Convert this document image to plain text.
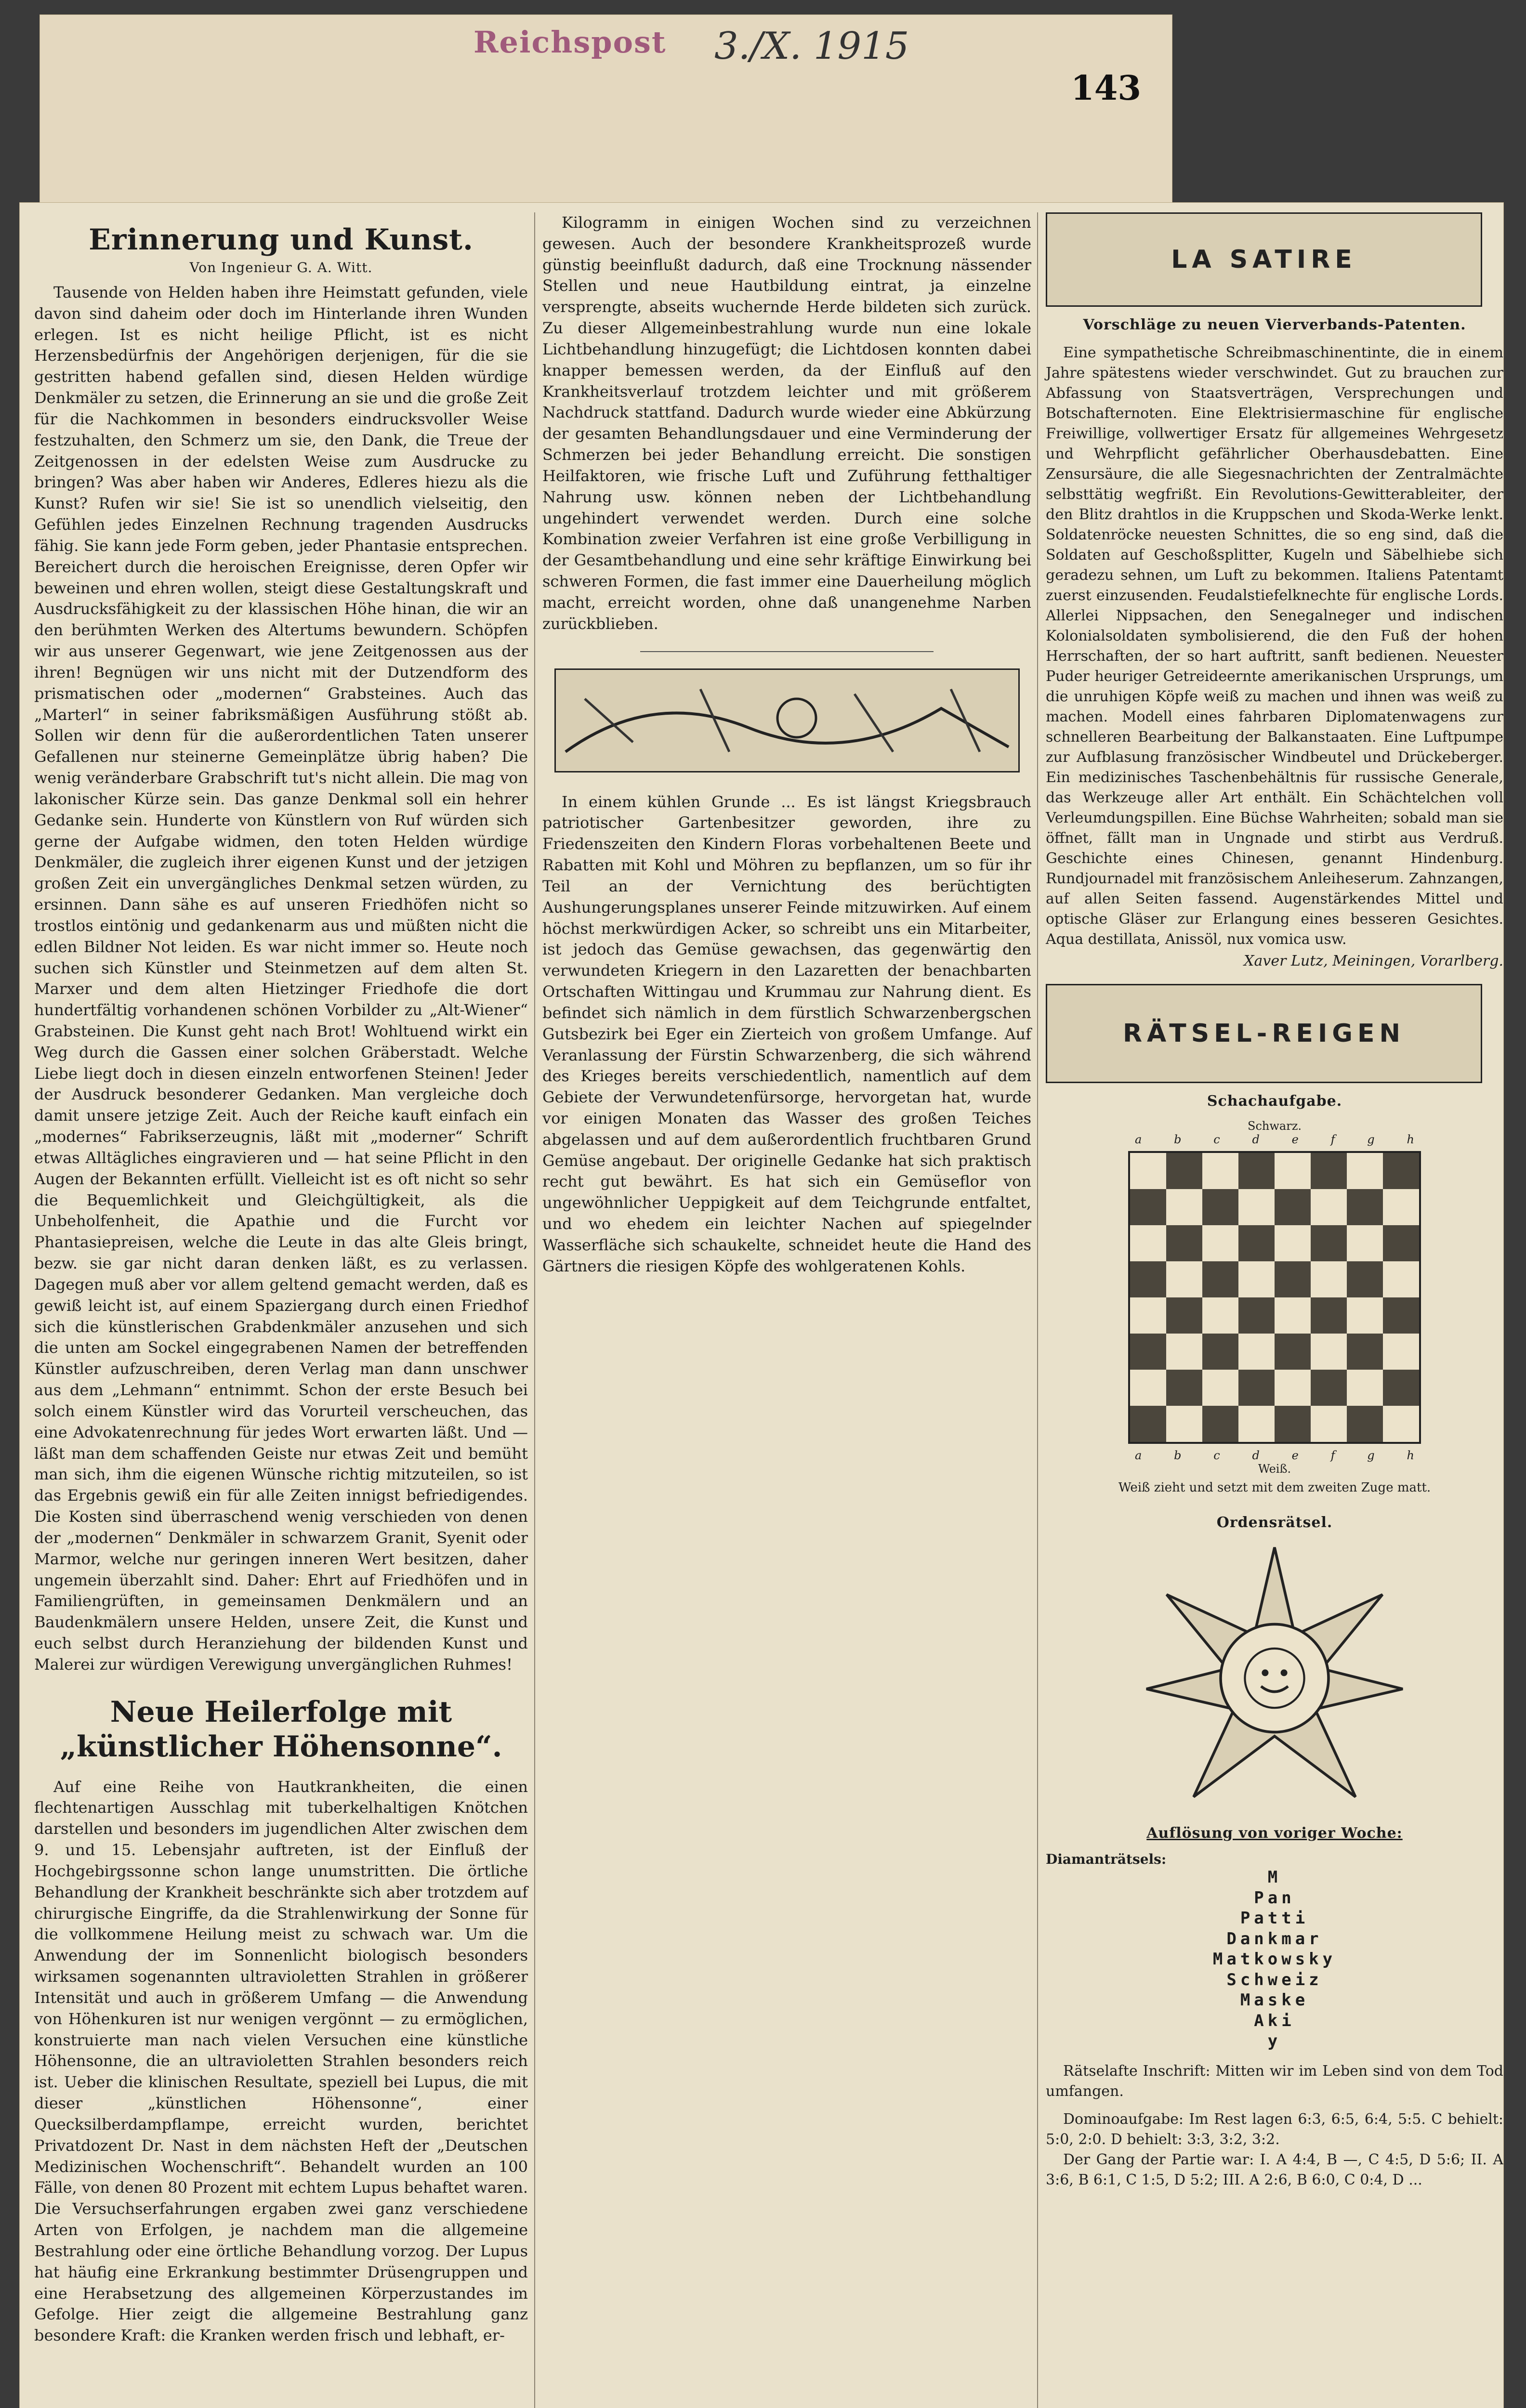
Reichspost 3./X. 1915
143
Erinnerung und Kunst.
Von Ingenieur G. A. Witt.

Tausende von Helden haben ihre Heimstatt gefunden, viele davon sind daheim oder doch im Hinterlande ihren Wunden erlegen. Ist es nicht heilige Pflicht, ist es nicht Herzensbedürfnis der Angehörigen derjenigen, für die sie gestritten habend gefallen sind, diesen Helden würdige Denkmäler zu setzen, die Erinnerung an sie und die große Zeit für die Nachkommen in besonders eindrucksvoller Weise festzuhalten, den Schmerz um sie, den Dank, die Treue der Zeitgenossen in der edelsten Weise zum Ausdrucke zu bringen? Was aber haben wir Anderes, Edleres hiezu als die Kunst? Rufen wir sie! Sie ist so unendlich vielseitig, den Gefühlen jedes Einzelnen Rechnung tragenden Ausdrucks fähig. Sie kann jede Form geben, jeder Phantasie entsprechen. Bereichert durch die heroischen Ereignisse, deren Opfer wir beweinen und ehren wollen, steigt diese Gestaltungskraft und Ausdrucksfähigkeit zu der klassischen Höhe hinan, die wir an den berühmten Werken des Altertums bewundern. Schöpfen wir aus unserer Gegenwart, wie jene Zeitgenossen aus der ihren! Begnügen wir uns nicht mit der Dutzendform des prismatischen oder „modernen“ Grabsteines. Auch das „Marterl“ in seiner fabriksmäßigen Ausführung stößt ab. Sollen wir denn für die außerordentlichen Taten unserer Gefallenen nur steinerne Gemeinplätze übrig haben? Die wenig veränderbare Grabschrift tut's nicht allein. Die mag von lakonischer Kürze sein. Das ganze Denkmal soll ein hehrer Gedanke sein. Hunderte von Künstlern von Ruf würden sich gerne der Aufgabe widmen, den toten Helden würdige Denkmäler, die zugleich ihrer eigenen Kunst und der jetzigen großen Zeit ein unvergängliches Denkmal setzen würden, zu ersinnen. Dann sähe es auf unseren Friedhöfen nicht so trostlos eintönig und gedankenarm aus und müßten nicht die edlen Bildner Not leiden. Es war nicht immer so. Heute noch suchen sich Künstler und Steinmetzen auf dem alten St. Marxer und dem alten Hietzinger Friedhofe die dort hundertfältig vorhandenen schönen Vorbilder zu „Alt-Wiener“ Grabsteinen. Die Kunst geht nach Brot! Wohltuend wirkt ein Weg durch die Gassen einer solchen Gräberstadt. Welche Liebe liegt doch in diesen einzeln entworfenen Steinen! Jeder der Ausdruck besonderer Gedanken. Man vergleiche doch damit unsere jetzige Zeit. Auch der Reiche kauft einfach ein „modernes“ Fabrikserzeugnis, läßt mit „moderner“ Schrift etwas Alltägliches eingravieren und — hat seine Pflicht in den Augen der Bekannten erfüllt. Vielleicht ist es oft nicht so sehr die Bequemlichkeit und Gleichgültigkeit, als die Unbeholfenheit, die Apathie und die Furcht vor Phantasiepreisen, welche die Leute in das alte Gleis bringt, bezw. sie gar nicht daran denken läßt, es zu verlassen. Dagegen muß aber vor allem geltend gemacht werden, daß es gewiß leicht ist, auf einem Spaziergang durch einen Friedhof sich die künstlerischen Grabdenkmäler anzusehen und sich die unten am Sockel eingegrabenen Namen der betreffenden Künstler aufzuschreiben, deren Verlag man dann unschwer aus dem „Lehmann“ entnimmt. Schon der erste Besuch bei solch einem Künstler wird das Vorurteil verscheuchen, das eine Advokatenrechnung für jedes Wort erwarten läßt. Und — läßt man dem schaffenden Geiste nur etwas Zeit und bemüht man sich, ihm die eigenen Wünsche richtig mitzuteilen, so ist das Ergebnis gewiß ein für alle Zeiten innigst befriedigendes. Die Kosten sind überraschend wenig verschieden von denen der „modernen“ Denkmäler in schwarzem Granit, Syenit oder Marmor, welche nur geringen inneren Wert besitzen, daher ungemein überzahlt sind. Daher: Ehrt auf Friedhöfen und in Familiengrüften, in gemeinsamen Denkmälern und an Baudenkmälern unsere Helden, unsere Zeit, die Kunst und euch selbst durch Heranziehung der bildenden Kunst und Malerei zur würdigen Verewigung unvergänglichen Ruhmes!

Neue Heilerfolge mit „künstlicher Höhensonne“.

Auf eine Reihe von Hautkrankheiten, die einen flechtenartigen Ausschlag mit tuberkelhaltigen Knötchen darstellen und besonders im jugendlichen Alter zwischen dem 9. und 15. Lebensjahr auftreten, ist der Einfluß der Hochgebirgssonne schon lange unumstritten. Die örtliche Behandlung der Krankheit beschränkte sich aber trotzdem auf chirurgische Eingriffe, da die Strahlenwirkung der Sonne für die vollkommene Heilung meist zu schwach war. Um die Anwendung der im Sonnenlicht biologisch besonders wirksamen sogenannten ultravioletten Strahlen in größerer Intensität und auch in größerem Umfang — die Anwendung von Höhenkuren ist nur wenigen vergönnt — zu ermöglichen, konstruierte man nach vielen Versuchen eine künstliche Höhensonne, die an ultravioletten Strahlen besonders reich ist. Ueber die klinischen Resultate, speziell bei Lupus, die mit dieser „künstlichen Höhensonne“, einer Quecksilberdampflampe, erreicht wurden, berichtet Privatdozent Dr. Nast in dem nächsten Heft der „Deutschen Medizinischen Wochenschrift“. Behandelt wurden an 100 Fälle, von denen 80 Prozent mit echtem Lupus behaftet waren. Die Versuchserfahrungen ergaben zwei ganz verschiedene Arten von Erfolgen, je nachdem man die allgemeine Bestrahlung oder eine örtliche Behandlung vorzog. Der Lupus hat häufig eine Erkrankung bestimmter Drüsengruppen und eine Herabsetzung des allgemeinen Körperzustandes im Gefolge. Hier zeigt die allgemeine Bestrahlung ganz besondere Kraft: die Kranken werden frisch und lebhaft, er-

Kilogramm in einigen Wochen sind zu verzeichnen gewesen. Auch der besondere Krankheitsprozeß wurde günstig beeinflußt dadurch, daß eine Trocknung nässender Stellen und neue Hautbildung eintrat, ja einzelne versprengte, abseits wuchernde Herde bildeten sich zurück. Zu dieser Allgemeinbestrahlung wurde nun eine lokale Lichtbehandlung hinzugefügt; die Lichtdosen konnten dabei knapper bemessen werden, da der Einfluß auf den Krankheitsverlauf trotzdem leichter und mit größerem Nachdruck stattfand. Dadurch wurde wieder eine Abkürzung der gesamten Behandlungsdauer und eine Verminderung der Schmerzen bei jeder Behandlung erreicht. Die sonstigen Heilfaktoren, wie frische Luft und Zuführung fetthaltiger Nahrung usw. können neben der Lichtbehandlung ungehindert verwendet werden. Durch eine solche Kombination zweier Verfahren ist eine große Verbilligung in der Gesamtbehandlung und eine sehr kräftige Einwirkung bei schweren Formen, die fast immer eine Dauerheilung möglich macht, erreicht worden, ohne daß unangenehme Narben zurückblieben.

In einem kühlen Grunde ... Es ist längst Kriegsbrauch patriotischer Gartenbesitzer geworden, ihre zu Friedenszeiten den Kindern Floras vorbehaltenen Beete und Rabatten mit Kohl und Möhren zu bepflanzen, um so für ihr Teil an der Vernichtung des berüchtigten Aushungerungsplanes unserer Feinde mitzuwirken. Auf einem höchst merkwürdigen Acker, so schreibt uns ein Mitarbeiter, ist jedoch das Gemüse gewachsen, das gegenwärtig den verwundeten Kriegern in den Lazaretten der benachbarten Ortschaften Wittingau und Krummau zur Nahrung dient. Es befindet sich nämlich in dem fürstlich Schwarzenbergschen Gutsbezirk bei Eger ein Zierteich von großem Umfange. Auf Veranlassung der Fürstin Schwarzenberg, die sich während des Krieges bereits verschiedentlich, namentlich auf dem Gebiete der Verwundetenfürsorge, hervorgetan hat, wurde vor einigen Monaten das Wasser des großen Teiches abgelassen und auf dem außerordentlich fruchtbaren Grund Gemüse angebaut. Der originelle Gedanke hat sich praktisch recht gut bewährt. Es hat sich ein Gemüseflor von ungewöhnlicher Ueppigkeit auf dem Teichgrunde entfaltet, und wo ehedem ein leichter Nachen auf spiegelnder Wasserfläche sich schaukelte, schneidet heute die Hand des Gärtners die riesigen Köpfe des wohlgeratenen Kohls.

LA SATIRE
Vorschläge zu neuen Vierverbands-Patenten.

Eine sympathetische Schreibmaschinentinte, die in einem Jahre spätestens wieder verschwindet. Gut zu brauchen zur Abfassung von Staatsverträgen, Versprechungen und Botschafternoten. Eine Elektrisiermaschine für englische Freiwillige, vollwertiger Ersatz für allgemeines Wehrgesetz und Wehrpflicht gefährlicher Oberhausdebatten. Eine Zensursäure, die alle Siegesnachrichten der Zentralmächte selbsttätig wegfrißt. Ein Revolutions-Gewitterableiter, der den Blitz drahtlos in die Kruppschen und Skoda-Werke lenkt. Soldatenröcke neuesten Schnittes, die so eng sind, daß die Soldaten auf Geschoßsplitter, Kugeln und Säbelhiebe sich geradezu sehnen, um Luft zu bekommen. Italiens Patentamt zuerst einzusenden. Feudalstiefelknechte für englische Lords. Allerlei Nippsachen, den Senegalneger und indischen Kolonialsoldaten symbolisierend, die den Fuß der hohen Herrschaften, der so hart auftritt, sanft bedienen. Neuester Puder heuriger Getreideernte amerikanischen Ursprungs, um die unruhigen Köpfe weiß zu machen und ihnen was weiß zu machen. Modell eines fahrbaren Diplomatenwagens zur schnelleren Bearbeitung der Balkanstaaten. Eine Luftpumpe zur Aufblasung französischer Windbeutel und Drückeberger. Ein medizinisches Taschenbehältnis für russische Generale, das Werkzeuge aller Art enthält. Ein Schächtelchen voll Verleumdungspillen. Eine Büchse Wahrheiten; sobald man sie öffnet, fällt man in Ungnade und stirbt aus Verdruß. Geschichte eines Chinesen, genannt Hindenburg. Rundjournadel mit französischem Anleiheserum. Zahnzangen, auf allen Seiten fassend. Augenstärkendes Mittel und optische Gläser zur Erlangung eines besseren Gesichtes. Aqua destillata, Anissöl, nux vomica usw.

Xaver Lutz, Meiningen, Vorarlberg.

RÄTSEL-REIGEN
Schachaufgabe.
Schwarz.
a	b	c	d	e	f	g	h
a	b	c	d	e	f	g	h
Weiß.
Weiß zieht und setzt mit dem zweiten Zuge matt.
Ordensrätsel.
Auflösung von voriger Woche:
Diamanträtsels:
M
Pan
Patti
Dankmar
Matkowsky
Schweiz
Maske
Aki
y

Rätselafte Inschrift: Mitten wir im Leben sind von dem Tod umfangen.

Dominoaufgabe: Im Rest lagen 6:3, 6:5, 6:4, 5:5. C behielt: 5:0, 2:0. D behielt: 3:3, 3:2, 3:2.

Der Gang der Partie war: I. A 4:4, B —, C 4:5, D 5:6; II. A 3:6, B 6:1, C 1:5, D 5:2; III. A 2:6, B 6:0, C 0:4, D ...
